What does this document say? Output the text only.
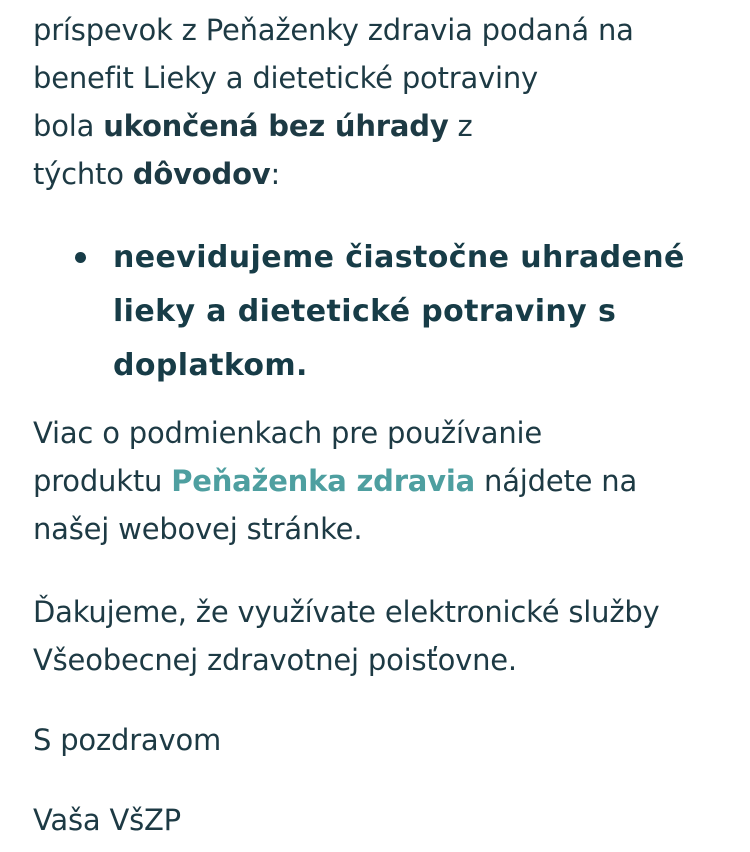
príspevok z Peňaženky zdravia podaná na
benefit Lieky a dietetické potraviny
bola ukončená bez úhrady z
týchto dôvodov:

neevidujeme čiastočne uhradené
lieky a dietetické potraviny s
doplatkom.

Viac o podmienkach pre používanie
produktu Peňaženka zdravia nájdete na
našej webovej stránke.

Ďakujeme, že využívate elektronické služby
Všeobecnej zdravotnej poisťovne.

S pozdravom

Vaša VšZP
